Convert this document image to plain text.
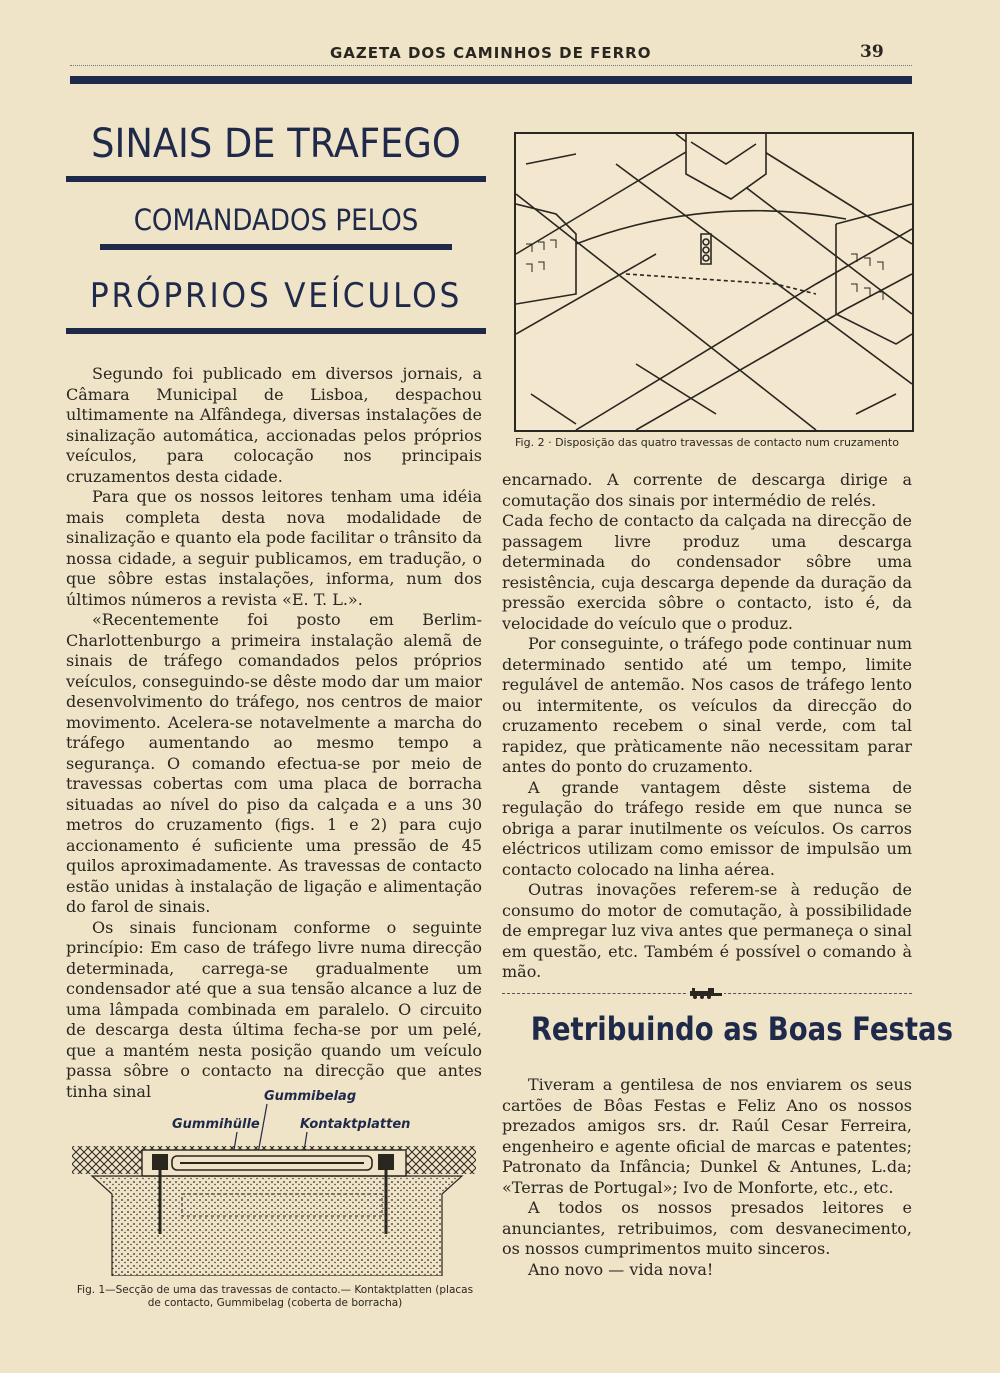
GAZETA DOS CAMINHOS DE FERRO	39
SINAIS DE TRAFEGO
COMANDADOS PELOS
PRÓPRIOS VEÍCULOS

Segundo foi publicado em diversos jornais, a Câmara Municipal de Lisboa, despachou ultimamente na Alfândega, diversas instalações de sinalização automática, accionadas pelos próprios veículos, para colocação nos principais cruzamentos desta cidade.

Para que os nossos leitores tenham uma idéia mais completa desta nova modalidade de sinalização e quanto ela pode facilitar o trânsito da nossa cidade, a seguir publicamos, em tradução, o que sôbre estas instalações, informa, num dos últimos números a revista «E. T. L.».

«Recentemente foi posto em Berlim-Charlottenburgo a primeira instalação alemã de sinais de tráfego comandados pelos próprios veículos, conseguindo-se dêste modo dar um maior desenvolvimento do tráfego, nos centros de maior movimento. Acelera-se notavelmente a marcha do tráfego aumentando ao mesmo tempo a segurança. O comando efectua-se por meio de travessas cobertas com uma placa de borracha situadas ao nível do piso da calçada e a uns 30 metros do cruzamento (figs. 1 e 2) para cujo accionamento é suficiente uma pressão de 45 quilos aproximadamente. As travessas de contacto estão unidas à instalação de ligação e alimentação do farol de sinais.

Os sinais funcionam conforme o seguinte princípio: Em caso de tráfego livre numa direcção determinada, carrega-se gradualmente um condensador até que a sua tensão alcance a luz de uma lâmpada combinada em paralelo. O circuito de descarga desta última fecha-se por um pelé, que a mantém nesta posição quando um veículo passa sôbre o contacto na direcção que antes tinha sinal

Fig. 2 · Disposição das quatro travessas de contacto num cruzamento

encarnado. A corrente de descarga dirige a comutação dos sinais por intermédio de relés.

Cada fecho de contacto da calçada na direcção de passagem livre produz uma descarga determinada do condensador sôbre uma resistência, cuja descarga depende da duração da pressão exercida sôbre o contacto, isto é, da velocidade do veículo que o produz.

Por conseguinte, o tráfego pode continuar num determinado sentido até um tempo, limite regulável de antemão. Nos casos de tráfego lento ou intermitente, os veículos da direcção do cruzamento recebem o sinal verde, com tal rapidez, que pràticamente não necessitam parar antes do ponto do cruzamento.

A grande vantagem dêste sistema de regulação do tráfego reside em que nunca se obriga a parar inutilmente os veículos. Os carros eléctricos utilizam como emissor de impulsão um contacto colocado na linha aérea.

Outras inovações referem-se à redução de consumo do motor de comutação, à possibilidade de empregar luz viva antes que permaneça o sinal em questão, etc. Também é possível o comando à mão.

Retribuindo as Boas Festas

Tiveram a gentilesa de nos enviarem os seus cartões de Bôas Festas e Feliz Ano os nossos prezados amigos srs. dr. Raúl Cesar Ferreira, engenheiro e agente oficial de marcas e patentes; Patronato da Infância; Dunkel & Antunes, L.da; «Terras de Portugal»; Ivo de Monforte, etc., etc.

A todos os nossos presados leitores e anunciantes, retribuimos, com desvanecimento, os nossos cumprimentos muito sinceros.

Ano novo — vida nova!

Gummibelag
Gummihülle	Kontaktplatten
Fig. 1—Secção de uma das travessas de contacto.— Kontaktplatten (placas de contacto, Gummibelag (coberta de borracha)
